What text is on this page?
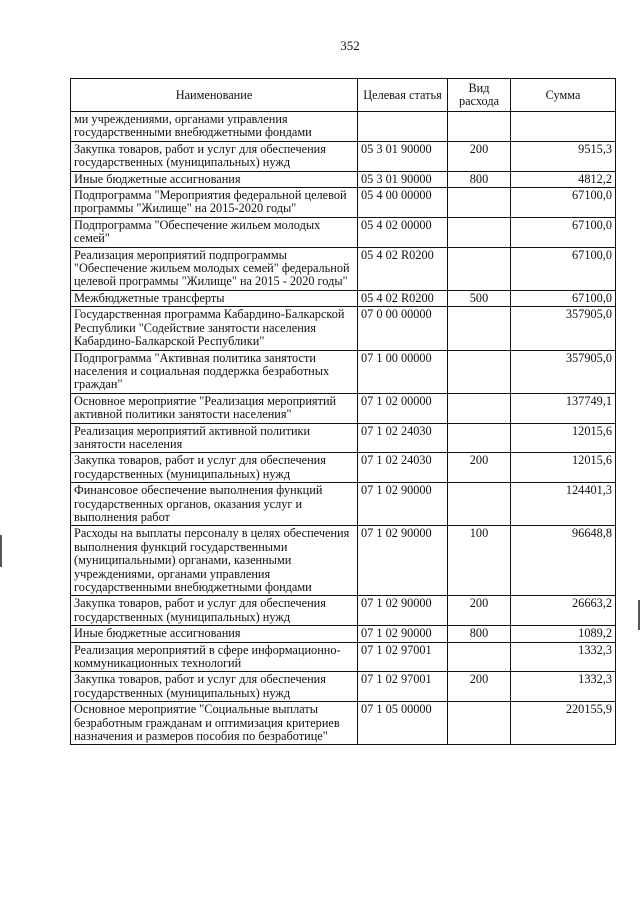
352
Наименование	Целевая статья	Вид расхода	Сумма
ми учреждениями, органами управления государственными внебюджетными фондами			
Закупка товаров, работ и услуг для обеспечения государственных (муниципальных) нужд	05 3 01 90000	200	9515,3
Иные бюджетные ассигнования	05 3 01 90000	800	4812,2
Подпрограмма "Мероприятия федеральной целевой программы "Жилище" на 2015-2020 годы"	05 4 00 00000		67100,0
Подпрограмма "Обеспечение жильем молодых семей"	05 4 02 00000		67100,0
Реализация мероприятий подпрограммы "Обеспечение жильем молодых семей" федеральной целевой программы "Жилище" на 2015 - 2020 годы"	05 4 02 R0200		67100,0
Межбюджетные трансферты	05 4 02 R0200	500	67100,0
Государственная программа Кабардино-Балкарской Республики "Содействие занятости населения Кабардино-Балкарской Республики"	07 0 00 00000		357905,0
Подпрограмма "Активная политика занятости населения и социальная поддержка безработных граждан"	07 1 00 00000		357905,0
Основное мероприятие "Реализация мероприятий активной политики занятости населения"	07 1 02 00000		137749,1
Реализация мероприятий активной политики занятости населения	07 1 02 24030		12015,6
Закупка товаров, работ и услуг для обеспечения государственных (муниципальных) нужд	07 1 02 24030	200	12015,6
Финансовое обеспечение выполнения функций государственных органов, оказания услуг и выполнения работ	07 1 02 90000		124401,3
Расходы на выплаты персоналу в целях обеспечения выполнения функций государственными (муниципальными) органами, казенными учреждениями, органами управления государственными внебюджетными фондами	07 1 02 90000	100	96648,8
Закупка товаров, работ и услуг для обеспечения государственных (муниципальных) нужд	07 1 02 90000	200	26663,2
Иные бюджетные ассигнования	07 1 02 90000	800	1089,2
Реализация мероприятий в сфере информационно-коммуникационных технологий	07 1 02 97001		1332,3
Закупка товаров, работ и услуг для обеспечения государственных (муниципальных) нужд	07 1 02 97001	200	1332,3
Основное мероприятие "Социальные выплаты безработным гражданам и оптимизация критериев назначения и размеров пособия по безработице"	07 1 05 00000		220155,9
